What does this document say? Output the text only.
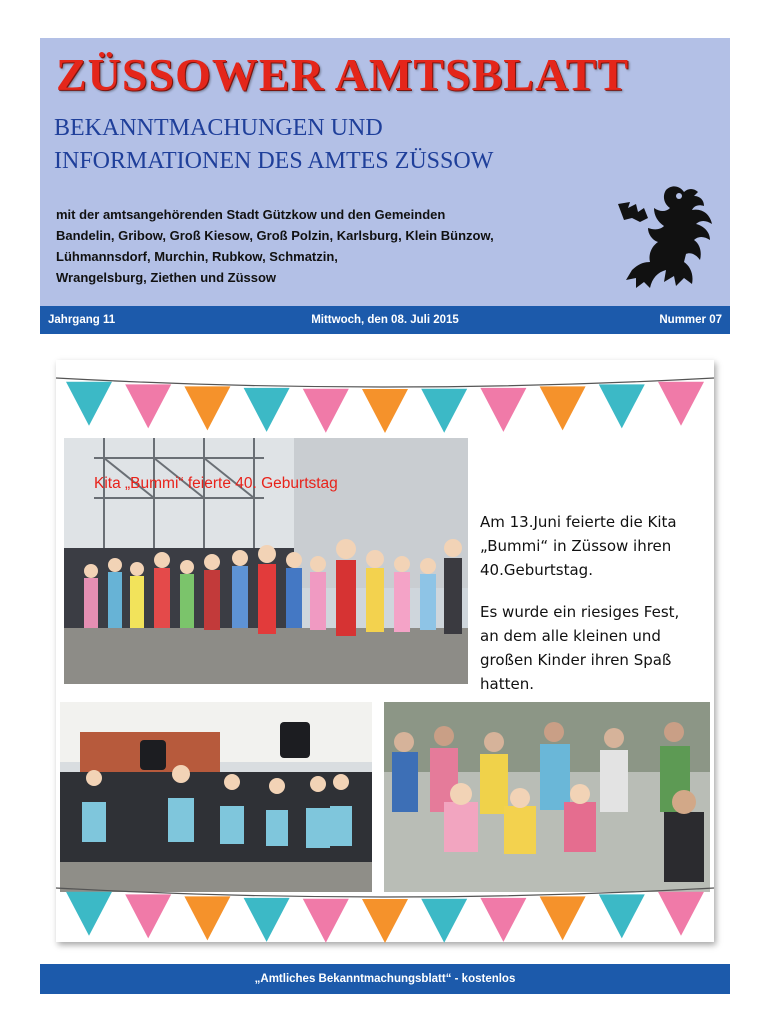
ZÜSSOWER AMTSBLATT
BEKANNTMACHUNGEN UND
INFORMATIONEN DES AMTES ZÜSSOW

mit der amtsangehörenden Stadt Gützkow und den Gemeinden
Bandelin, Gribow, Groß Kiesow, Groß Polzin, Karlsburg, Klein Bünzow,
Lühmannsdorf, Murchin, Rubkow, Schmatzin,
Wrangelsburg, Ziethen und Züssow

Mittwoch, den 08. Juli 2015
Jahrgang 11	Nummer 07
Kita „Bummi“ feierte 40. Geburtstag

Am 13.Juni feierte die Kita
„Bummi“ in Züssow ihren
40.Geburtstag.

Es wurde ein riesiges Fest,
an dem alle kleinen und
großen Kinder ihren Spaß
hatten.

„Amtliches Bekanntmachungsblatt“ - kostenlos
